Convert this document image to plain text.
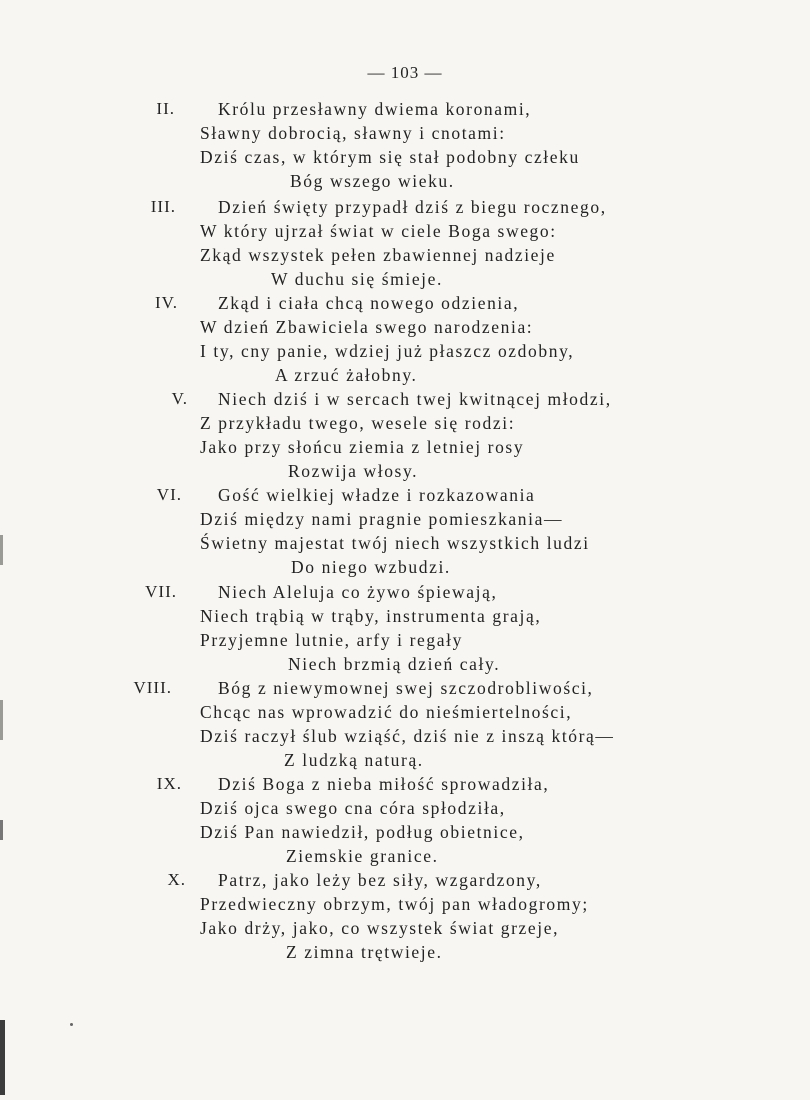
— 103 —
II. Królu przesławny dwiema koronami,
Sławny dobrocią, sławny i cnotami:
Dziś czas, w którym się stał podobny człeku
Bóg wszego wieku.
III. Dzień święty przypadł dziś z biegu rocznego,
W który ujrzał świat w ciele Boga swego:
Zkąd wszystek pełen zbawiennej nadzieje
W duchu się śmieje.
IV. Zkąd i ciała chcą nowego odzienia,
W dzień Zbawiciela swego narodzenia:
I ty, cny panie, wdziej już płaszcz ozdobny,
A zrzuć żałobny.
V. Niech dziś i w sercach twej kwitnącej młodzi,
Z przykładu twego, wesele się rodzi:
Jako przy słońcu ziemia z letniej rosy
Rozwija włosy.
VI. Gość wielkiej władze i rozkazowania
Dziś między nami pragnie pomieszkania—
Świetny majestat twój niech wszystkich ludzi
Do niego wzbudzi.
VII. Niech Aleluja co żywo śpiewają,
Niech trąbią w trąby, instrumenta grają,
Przyjemne lutnie, arfy i regały
Niech brzmią dzień cały.
VIII.	Bóg z niewymownej swej szczodrobliwości,
Chcąc nas wprowadzić do nieśmiertelności,
Dziś raczył ślub wziąść, dziś nie z inszą którą—
Z ludzką naturą.
IX. Dziś Boga z nieba miłość sprowadziła,
Dziś ojca swego cna córa spłodziła,
Dziś Pan nawiedził, podług obietnice,
Ziemskie granice.
X. Patrz, jako leży bez siły, wzgardzony,
Przedwieczny obrzym, twój pan władogromy;
Jako drży, jako, co wszystek świat grzeje,
Z zimna trętwieje.
